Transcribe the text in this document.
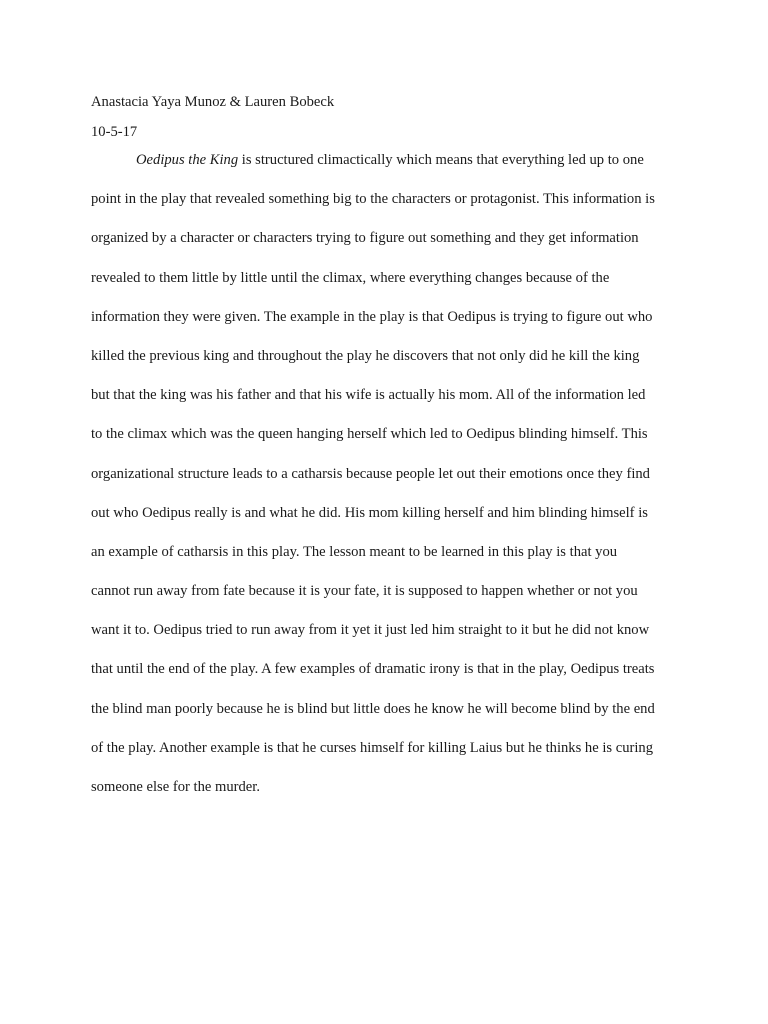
Anastacia Yaya Munoz & Lauren Bobeck
10-5-17
Oedipus the King is structured climactically which means that everything led up to one
point in the play that revealed something big to the characters or protagonist. This information is
organized by a character or characters trying to figure out something and they get information
revealed to them little by little until the climax, where everything changes because of the
information they were given. The example in the play is that Oedipus is trying to figure out who
killed the previous king and throughout the play he discovers that not only did he kill the king
but that the king was his father and that his wife is actually his mom. All of the information led
to the climax which was the queen hanging herself which led to Oedipus blinding himself. This
organizational structure leads to a catharsis because people let out their emotions once they find
out who Oedipus really is and what he did. His mom killing herself and him blinding himself is
an example of catharsis in this play. The lesson meant to be learned in this play is that you
cannot run away from fate because it is your fate, it is supposed to happen whether or not you
want it to. Oedipus tried to run away from it yet it just led him straight to it but he did not know
that until the end of the play. A few examples of dramatic irony is that in the play, Oedipus treats
the blind man poorly because he is blind but little does he know he will become blind by the end
of the play. Another example is that he curses himself for killing Laius but he thinks he is curing
someone else for the murder.
